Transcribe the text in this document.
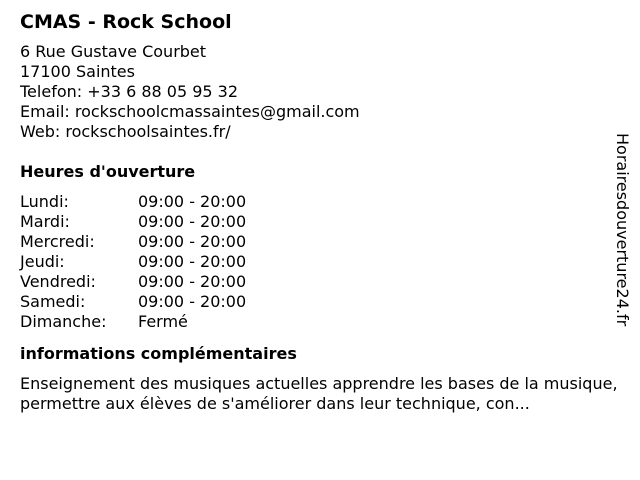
CMAS - Rock School
6 Rue Gustave Courbet
17100 Saintes
Telefon: +33 6 88 05 95 32
Email: rockschoolcmassaintes@gmail.com
Web: rockschoolsaintes.fr/
Heures d'ouverture
Lundi:	09:00 - 20:00
Mardi:	09:00 - 20:00
Mercredi:	09:00 - 20:00
Jeudi:	09:00 - 20:00
Vendredi:	09:00 - 20:00
Samedi:	09:00 - 20:00
Dimanche:	Fermé
informations complémentaires
Enseignement des musiques actuelles apprendre les bases de la musique, permettre aux élèves de s'améliorer dans leur technique, con...
Horairesdouverture24.fr
